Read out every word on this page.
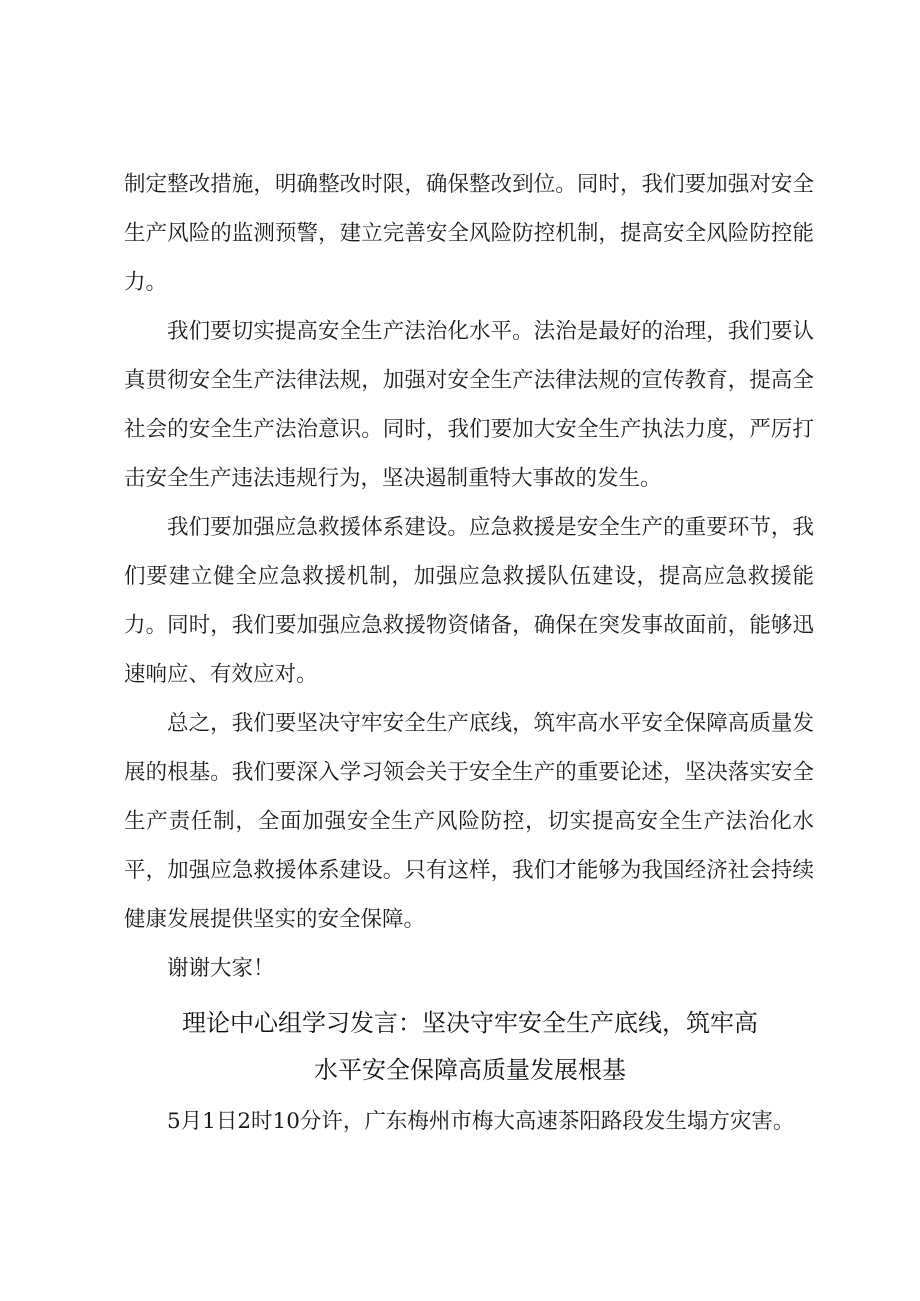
制定整改措施，明确整改时限，确保整改到位。同时，我们要加强对安全生产风险的监测预警，建立完善安全风险防控机制，提高安全风险防控能力。

我们要切实提高安全生产法治化水平。法治是最好的治理，我们要认真贯彻安全生产法律法规，加强对安全生产法律法规的宣传教育，提高全社会的安全生产法治意识。同时，我们要加大安全生产执法力度，严厉打击安全生产违法违规行为，坚决遏制重特大事故的发生。

我们要加强应急救援体系建设。应急救援是安全生产的重要环节，我们要建立健全应急救援机制，加强应急救援队伍建设，提高应急救援能力。同时，我们要加强应急救援物资储备，确保在突发事故面前，能够迅速响应、有效应对。

总之，我们要坚决守牢安全生产底线，筑牢高水平安全保障高质量发展的根基。我们要深入学习领会关于安全生产的重要论述，坚决落实安全生产责任制，全面加强安全生产风险防控，切实提高安全生产法治化水平，加强应急救援体系建设。只有这样，我们才能够为我国经济社会持续健康发展提供坚实的安全保障。

谢谢大家！

理论中心组学习发言：坚决守牢安全生产底线，筑牢高
水平安全保障高质量发展根基
5月1日2时10分许，广东梅州市梅大高速茶阳路段发生塌方灾害。
